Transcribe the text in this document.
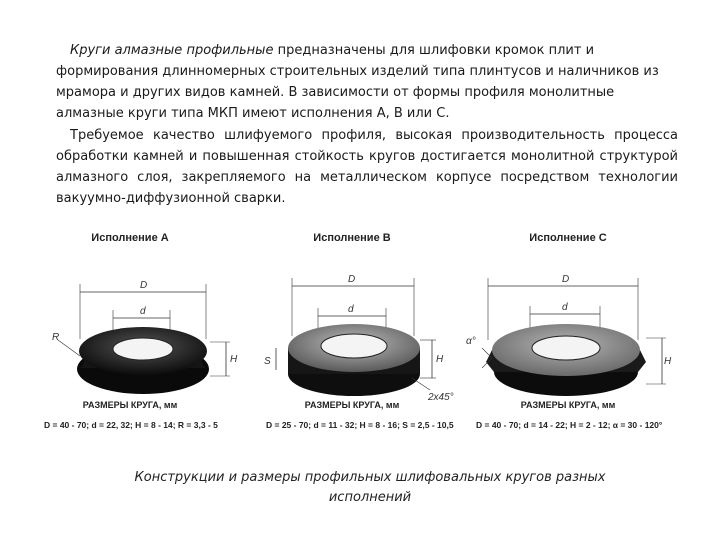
Круги алмазные профильные предназначены для шлифовки кромок плит и формирования длинномерных строительных изделий типа плинтусов и наличников из мрамора и других видов камней. В зависимости от формы профиля монолитные алмазные круги типа МКП имеют исполнения А, В или С.
Требуемое качество шлифуемого профиля, высокая производительность процесса обработки камней и повышенная стойкость кругов достигается монолитной структурой алмазного слоя, закрепляемого на металлическом корпусе посредством технологии вакуумно-диффузионной сварки.
Исполнение А
D
d
H
R
РАЗМЕРЫ КРУГА, мм
D = 40 - 70; d = 22, 32; H = 8 - 14; R = 3,3 - 5
Исполнение В
D
d
H
S
2x45°
РАЗМЕРЫ КРУГА, мм
D = 25 - 70; d = 11 - 32; H = 8 - 16; S = 2,5 - 10,5
Исполнение С
D
d
H
α°
РАЗМЕРЫ КРУГА, мм
D = 40 - 70; d = 14 - 22; H = 2 - 12; α = 30 - 120°
Конструкции и размеры профильных шлифовальных кругов разных исполнений
